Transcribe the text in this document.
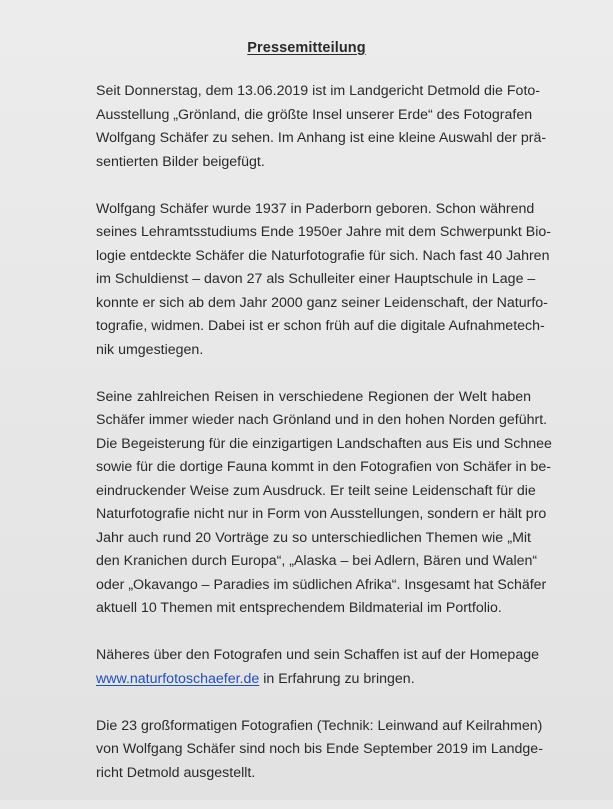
Pressemitteilung

Seit Donnerstag, dem 13.06.2019 ist im Landgericht Detmold die Foto-
Ausstellung „Grönland, die größte Insel unserer Erde“ des Fotografen
Wolfgang Schäfer zu sehen. Im Anhang ist eine kleine Auswahl der prä-
sentierten Bilder beigefügt.

Wolfgang Schäfer wurde 1937 in Paderborn geboren. Schon während
seines Lehramtsstudiums Ende 1950er Jahre mit dem Schwerpunkt Bio-
logie entdeckte Schäfer die Naturfotografie für sich. Nach fast 40 Jahren
im Schuldienst – davon 27 als Schulleiter einer Hauptschule in Lage –
konnte er sich ab dem Jahr 2000 ganz seiner Leidenschaft, der Naturfo-
tografie, widmen. Dabei ist er schon früh auf die digitale Aufnahmetech-
nik umgestiegen.

Seine zahlreichen Reisen in verschiedene Regionen der Welt haben
Schäfer immer wieder nach Grönland und in den hohen Norden geführt.
Die Begeisterung für die einzigartigen Landschaften aus Eis und Schnee
sowie für die dortige Fauna kommt in den Fotografien von Schäfer in be-
eindruckender Weise zum Ausdruck. Er teilt seine Leidenschaft für die
Naturfotografie nicht nur in Form von Ausstellungen, sondern er hält pro
Jahr auch rund 20 Vorträge zu so unterschiedlichen Themen wie „Mit
den Kranichen durch Europa“, „Alaska – bei Adlern, Bären und Walen“
oder „Okavango – Paradies im südlichen Afrika“. Insgesamt hat Schäfer
aktuell 10 Themen mit entsprechendem Bildmaterial im Portfolio.

Näheres über den Fotografen und sein Schaffen ist auf der Homepage
www.naturfotoschaefer.de in Erfahrung zu bringen.

Die 23 großformatigen Fotografien (Technik: Leinwand auf Keilrahmen)
von Wolfgang Schäfer sind noch bis Ende September 2019 im Landge-
richt Detmold ausgestellt.
